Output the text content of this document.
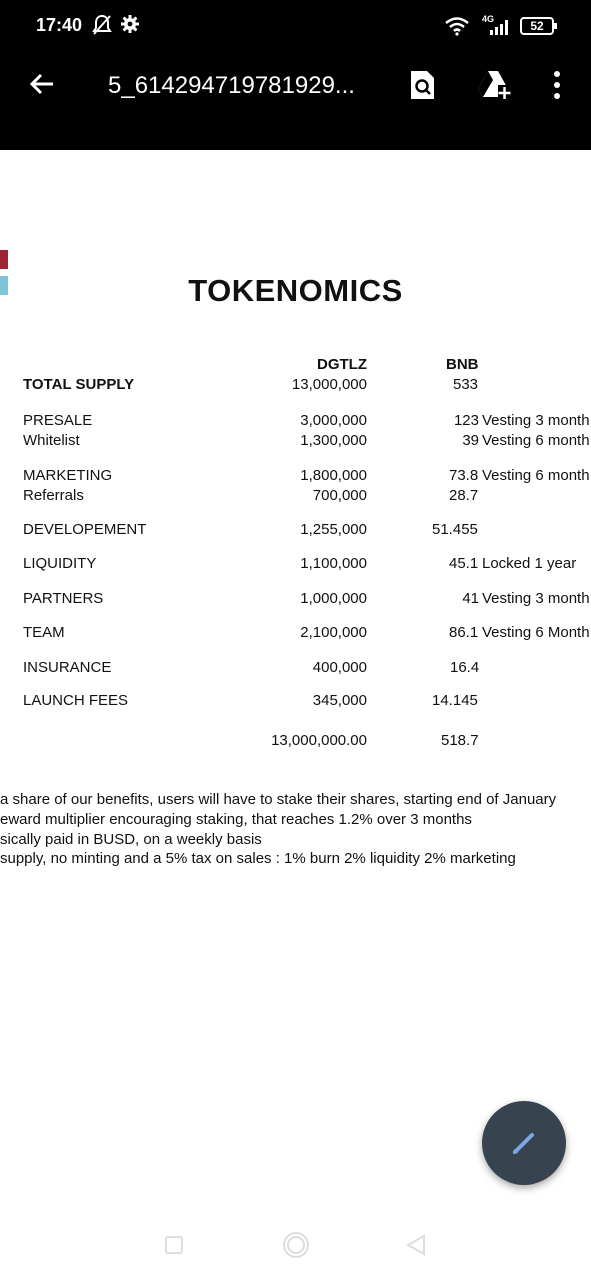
17:40	4G	52
5_614294719781929...
TOKENOMICS
DGTLZ	BNB
TOTAL SUPPLY	13,000,000	533
PRESALE	3,000,000	123 Vesting 3 month
Whitelist	1,300,000	39 Vesting 6 month
MARKETING	1,800,000	73.8 Vesting 6 month
Referrals	700,000	28.7
DEVELOPEMENT	1,255,000	51.455
LIQUIDITY	1,100,000	45.1 Locked 1 year
PARTNERS	1,000,000	41 Vesting 3 month
TEAM	2,100,000	86.1 Vesting 6 Month
INSURANCE	400,000	16.4
LAUNCH FEES	345,000	14.145
13,000,000.00	518.7
a share of our benefits, users will have to stake their shares, starting end of January
eward multiplier encouraging staking, that reaches 1.2% over 3 months
sically paid in BUSD, on a weekly basis
supply, no minting and a 5% tax on sales : 1% burn 2% liquidity 2% marketing
